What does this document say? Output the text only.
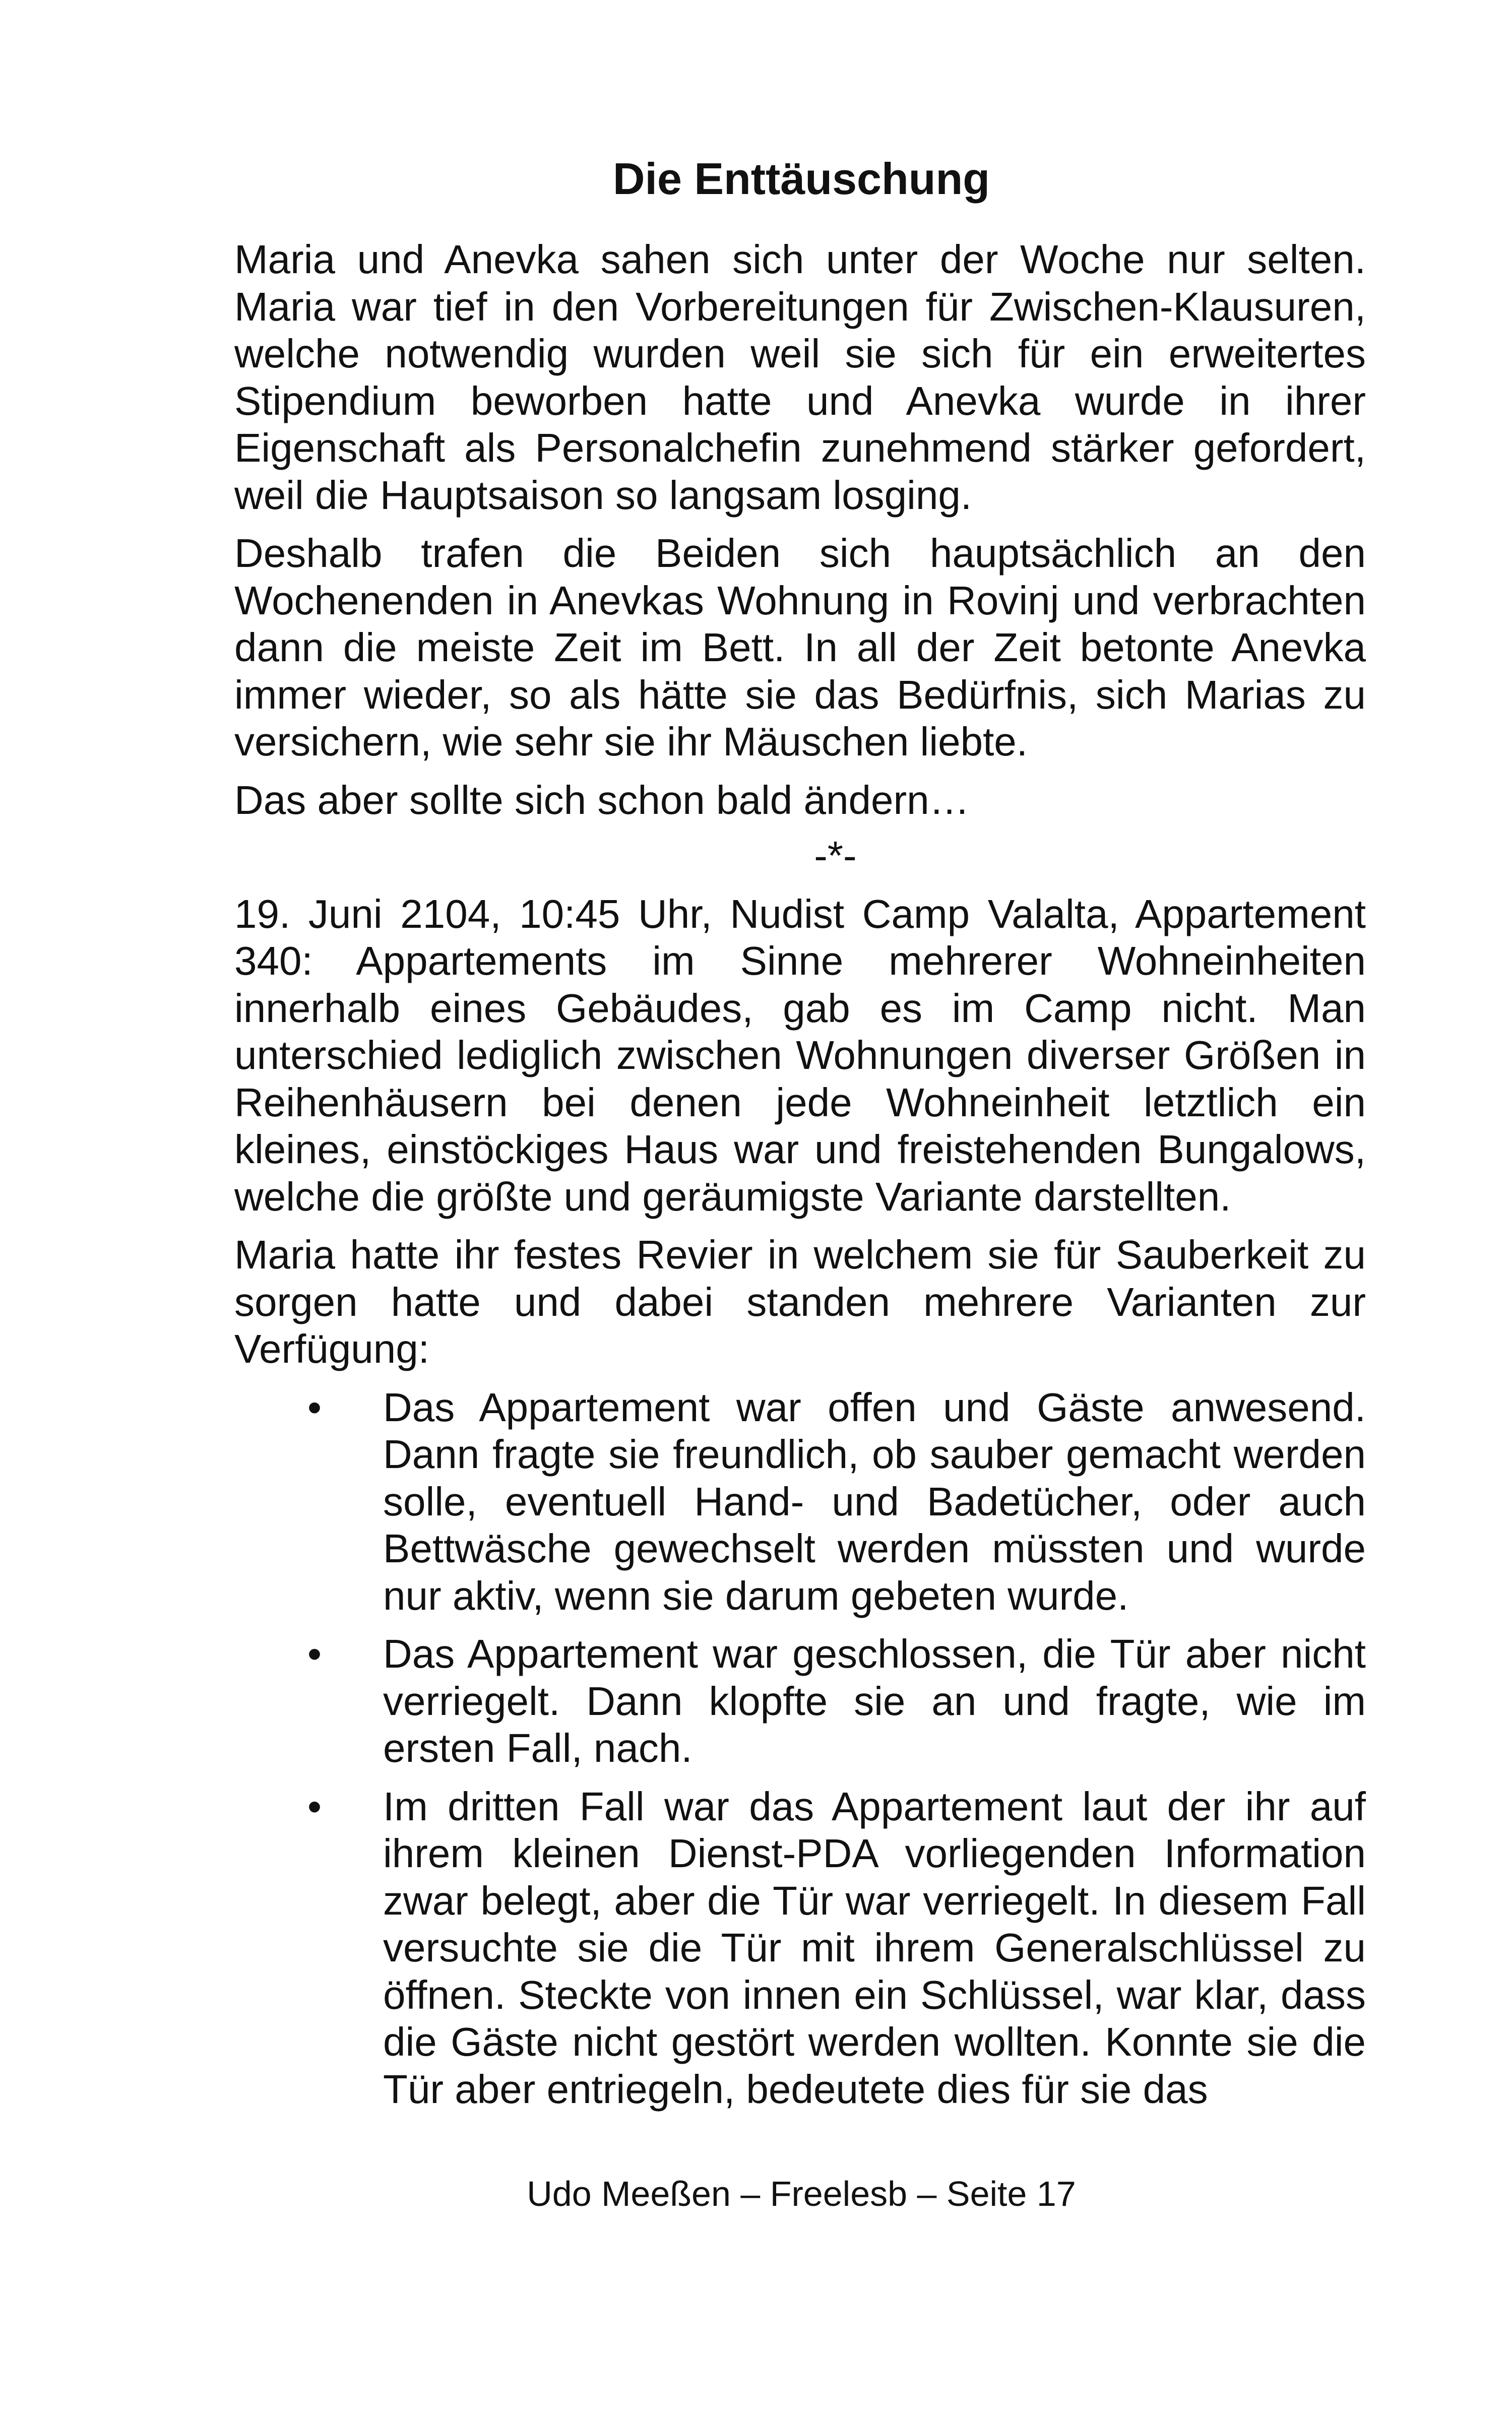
Die Enttäuschung

Maria und Anevka sahen sich unter der Woche nur selten. Maria war tief in den Vorbereitungen für Zwischen-Klausuren, welche notwendig wurden weil sie sich für ein erweitertes Stipendium beworben hatte und Anevka wurde in ihrer Eigenschaft als Personalchefin zunehmend stärker gefordert, weil die Hauptsaison so langsam losging.

Deshalb trafen die Beiden sich hauptsächlich an den Wochenenden in Anevkas Wohnung in Rovinj und verbrachten dann die meiste Zeit im Bett. In all der Zeit betonte Anevka immer wieder, so als hätte sie das Bedürfnis, sich Marias zu versichern, wie sehr sie ihr Mäuschen liebte.

Das aber sollte sich schon bald ändern…

-*-

19. Juni 2104, 10:45 Uhr, Nudist Camp Valalta, Appartement 340: Appartements im Sinne mehrerer Wohneinheiten innerhalb eines Gebäudes, gab es im Camp nicht. Man unterschied lediglich zwischen Wohnungen diverser Größen in Reihenhäusern bei denen jede Wohneinheit letztlich ein kleines, einstöckiges Haus war und freistehenden Bungalows, welche die größte und geräumigste Variante darstellten.

Maria hatte ihr festes Revier in welchem sie für Sauberkeit zu sorgen hatte und dabei standen mehrere Varianten zur Verfügung:

• Das Appartement war offen und Gäste anwesend. Dann fragte sie freundlich, ob sauber gemacht werden solle, eventuell Hand- und Badetücher, oder auch Bettwäsche gewechselt werden müssten und wurde nur aktiv, wenn sie darum gebeten wurde.
• Das Appartement war geschlossen, die Tür aber nicht verriegelt. Dann klopfte sie an und fragte, wie im ersten Fall, nach.
• Im dritten Fall war das Appartement laut der ihr auf ihrem kleinen Dienst-PDA vorliegenden Information zwar belegt, aber die Tür war verriegelt. In diesem Fall versuchte sie die Tür mit ihrem Generalschlüssel zu öffnen. Steckte von innen ein Schlüssel, war klar, dass die Gäste nicht gestört werden wollten. Konnte sie die Tür aber entriegeln, bedeutete dies für sie das

Udo Meeßen – Freelesb – Seite 17
